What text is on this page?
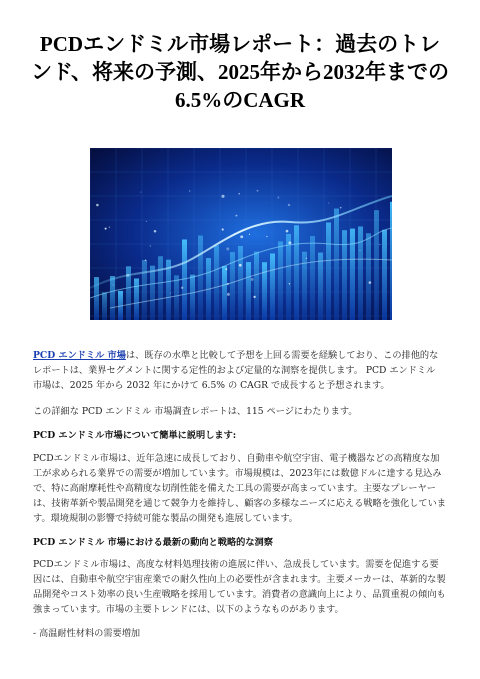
PCDエンドミル市場レポート：過去のトレンド、将来の予測、2025年から2032年までの6.5%のCAGR

PCD エンドミル 市場は、既存の水準と比較して予想を上回る需要を経験しており、この排他的なレポートは、業界セグメントに関する定性的および定量的な洞察を提供します。 PCD エンドミル 市場は、2025 年から 2032 年にかけて 6.5% の CAGR で成長すると予想されます。

この詳細な PCD エンドミル 市場調査レポートは、115 ページにわたります。

PCD エンドミル市場について簡単に説明します:

PCDエンドミル市場は、近年急速に成長しており、自動車や航空宇宙、電子機器などの高精度な加工が求められる業界での需要が増加しています。市場規模は、2023年には数億ドルに達する見込みで、特に高耐摩耗性や高精度な切削性能を備えた工具の需要が高まっています。主要なプレーヤーは、技術革新や製品開発を通じて競争力を維持し、顧客の多様なニーズに応える戦略を強化しています。環境規制の影響で持続可能な製品の開発も進展しています。

PCD エンドミル 市場における最新の動向と戦略的な洞察

PCDエンドミル市場は、高度な材料処理技術の進展に伴い、急成長しています。需要を促進する要因には、自動車や航空宇宙産業での耐久性向上の必要性が含まれます。主要メーカーは、革新的な製品開発やコスト効率の良い生産戦略を採用しています。消費者の意識向上により、品質重視の傾向も強まっています。市場の主要トレンドには、以下のようなものがあります。

- 高温耐性材料の需要増加
